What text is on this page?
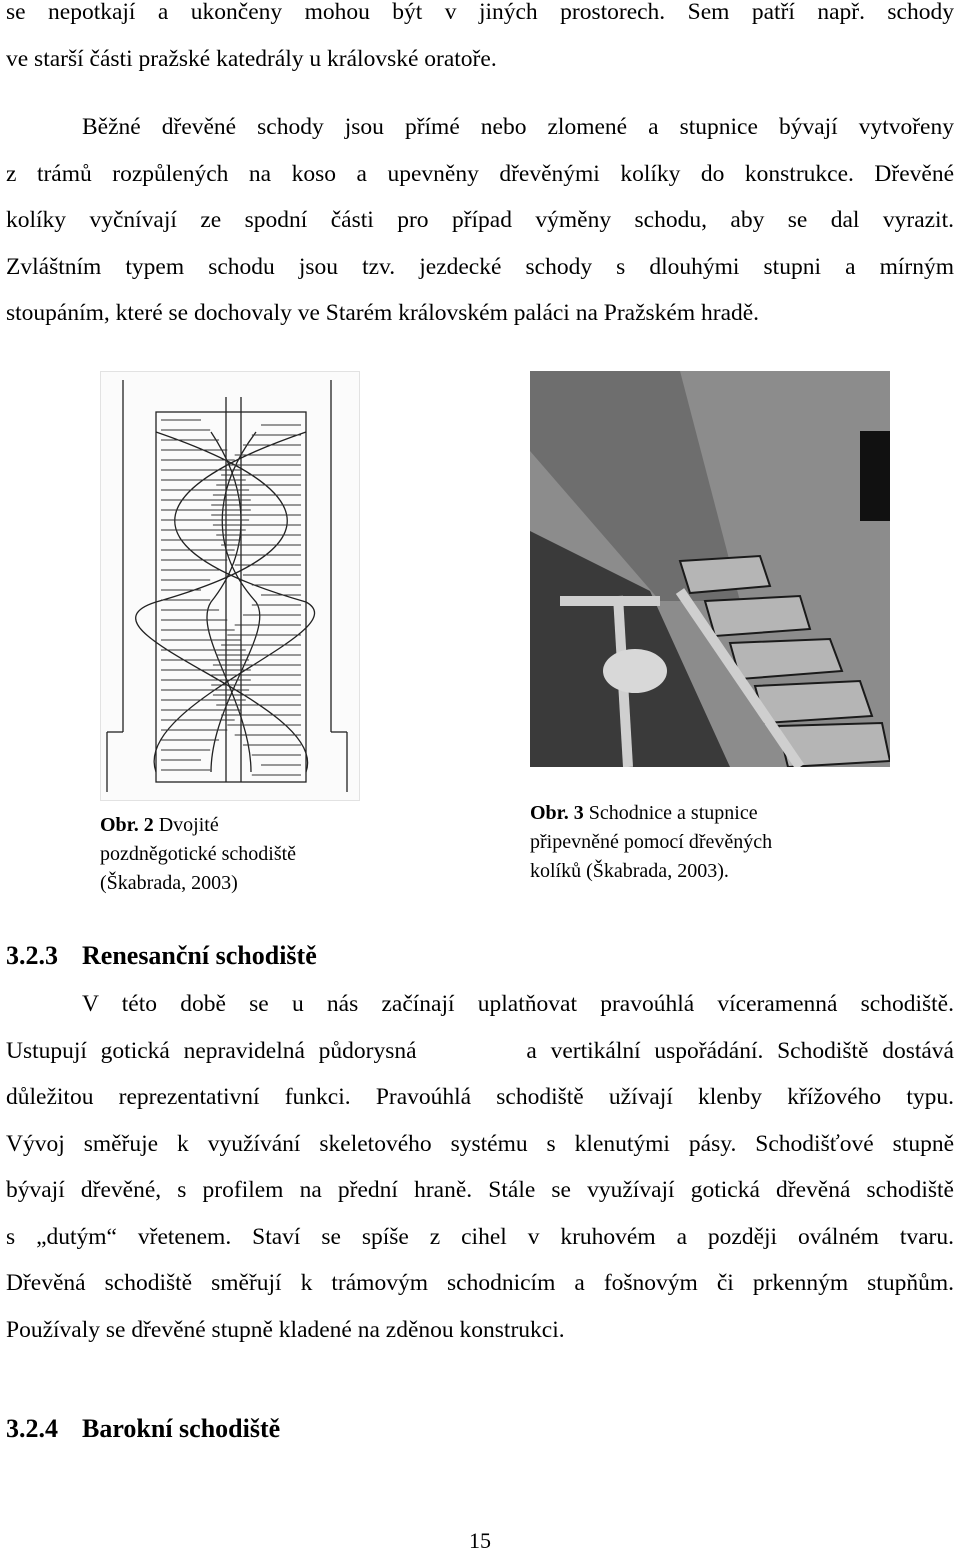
se nepotkají a ukončeny mohou být v jiných prostorech. Sem patří např. schody
ve starší části pražské katedrály u královské oratoře.
Běžné dřevěné schody jsou přímé nebo zlomené a stupnice bývají vytvořeny
z trámů rozpůlených na koso a upevněny dřevěnými kolíky do konstrukce. Dřevěné
kolíky vyčnívají ze spodní části pro případ výměny schodu, aby se dal vyrazit.
Zvláštním typem schodu jsou tzv. jezdecké schody s dlouhými stupni a mírným
stoupáním, které se dochovaly ve Starém královském paláci na Pražském hradě.
Obr. 2 Dvojité
pozdněgotické schodiště
(Škabrada, 2003)
Obr. 3 Schodnice a stupnice
připevněné pomocí dřevěných
kolíků (Škabrada, 2003).
3.2.3 Renesanční schodiště
V této době se u nás začínají uplatňovat pravoúhlá víceramenná schodiště.
Ustupují gotická nepravidelná půdorysná        a vertikální uspořádání. Schodiště dostává
důležitou reprezentativní funkci. Pravoúhlá schodiště užívají klenby křížového typu.
Vývoj směřuje k využívání skeletového systému s klenutými pásy. Schodišťové stupně
bývají dřevěné, s profilem na přední hraně. Stále se využívají gotická dřevěná schodiště
s „dutým“ vřetenem. Staví se spíše z cihel v kruhovém a později oválném tvaru.
Dřevěná schodiště směřují k trámovým schodnicím a fošnovým či prkenným stupňům.
Používaly se dřevěné stupně kladené na zděnou konstrukci.
3.2.4 Barokní schodiště
15
